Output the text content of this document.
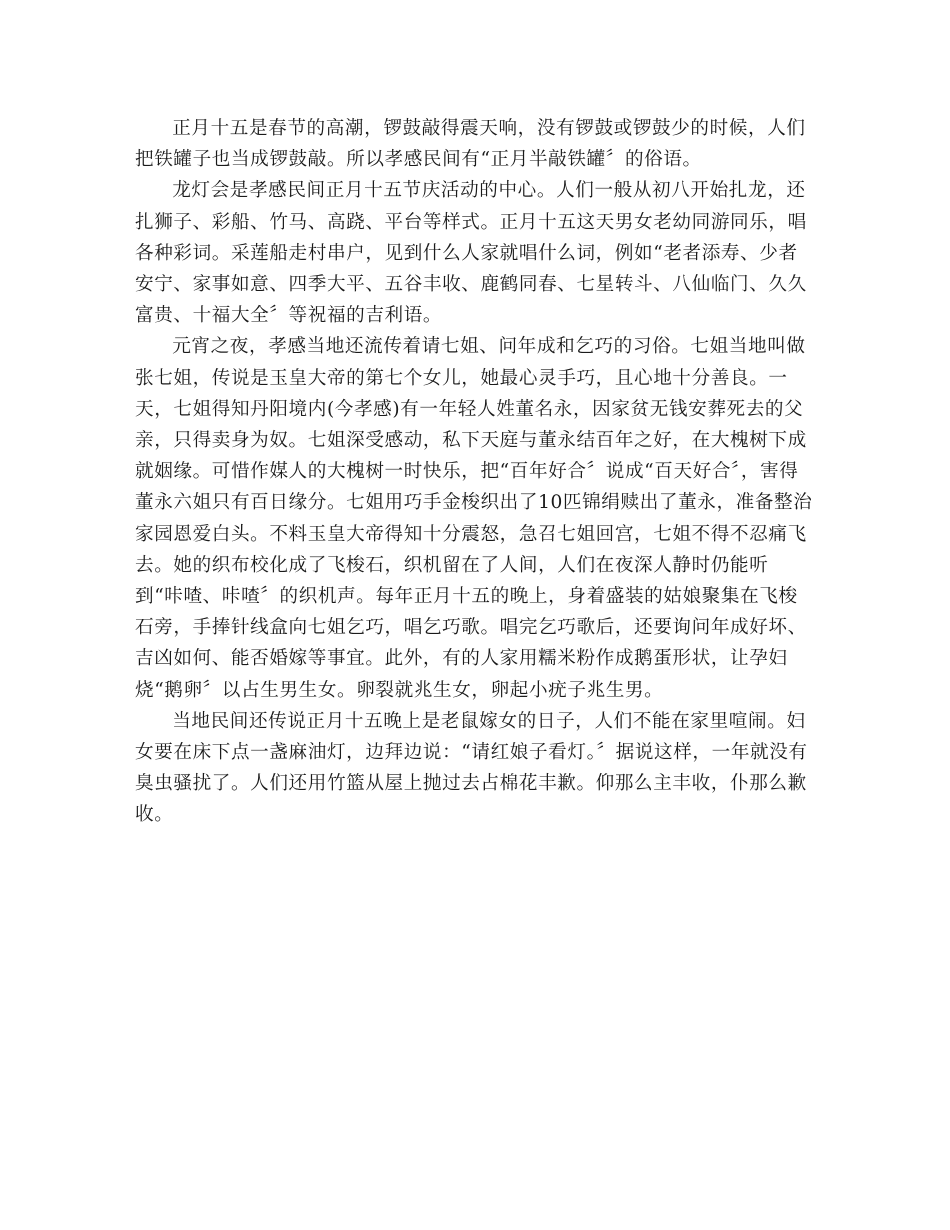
正月十五是春节的高潮，锣鼓敲得震天响，没有锣鼓或锣鼓少的时候，人们把铁罐子也当成锣鼓敲。所以孝感民间有“正月半敲铁罐〞的俗语。

龙灯会是孝感民间正月十五节庆活动的中心。人们一般从初八开始扎龙，还扎狮子、彩船、竹马、高跷、平台等样式。正月十五这天男女老幼同游同乐，唱各种彩词。采莲船走村串户，见到什么人家就唱什么词，例如“老者添寿、少者安宁、家事如意、四季大平、五谷丰收、鹿鹤同春、七星转斗、八仙临门、久久富贵、十福大全〞等祝福的吉利语。

元宵之夜，孝感当地还流传着请七姐、问年成和乞巧的习俗。七姐当地叫做张七姐，传说是玉皇大帝的第七个女儿，她最心灵手巧，且心地十分善良。一天，七姐得知丹阳境内(今孝感)有一年轻人姓董名永，因家贫无钱安葬死去的父亲，只得卖身为奴。七姐深受感动，私下天庭与董永结百年之好，在大槐树下成就姻缘。可惜作媒人的大槐树一时快乐，把“百年好合〞说成“百天好合〞，害得董永六姐只有百日缘分。七姐用巧手金梭织出了10匹锦绢赎出了董永，准备整治家园恩爱白头。不料玉皇大帝得知十分震怒，急召七姐回宫，七姐不得不忍痛飞去。她的织布校化成了飞梭石，织机留在了人间，人们在夜深人静时仍能听到“咔喳、咔喳〞的织机声。每年正月十五的晚上，身着盛装的姑娘聚集在飞梭石旁，手捧针线盒向七姐乞巧，唱乞巧歌。唱完乞巧歌后，还要询问年成好坏、吉凶如何、能否婚嫁等事宜。此外，有的人家用糯米粉作成鹅蛋形状，让孕妇烧“鹅卵〞以占生男生女。卵裂就兆生女，卵起小疣子兆生男。

当地民间还传说正月十五晚上是老鼠嫁女的日子，人们不能在家里喧闹。妇女要在床下点一盏麻油灯，边拜边说：“请红娘子看灯。〞据说这样，一年就没有臭虫骚扰了。人们还用竹篮从屋上抛过去占棉花丰歉。仰那么主丰收，仆那么歉收。
